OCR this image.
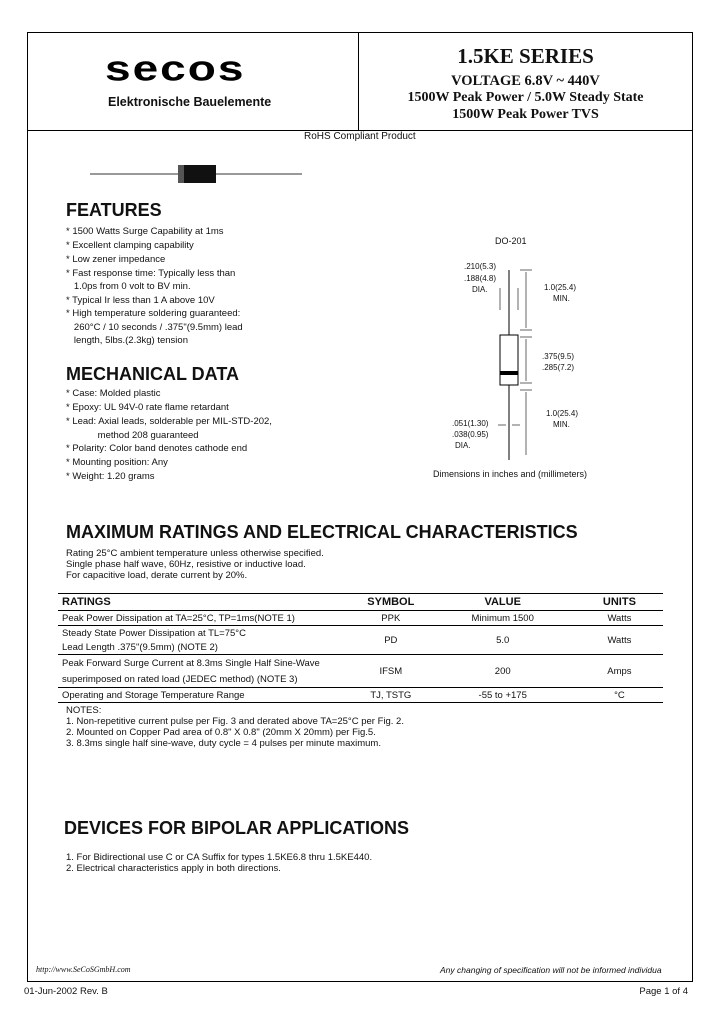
secos
Elektronische Bauelemente
1.5KE SERIES
VOLTAGE 6.8V ~ 440V
1500W Peak Power / 5.0W Steady State
1500W Peak Power TVS
RoHS Compliant Product
FEATURES
* 1500 Watts Surge Capability at 1ms
* Excellent clamping capability
* Low zener impedance
* Fast response time: Typically less than
1.0ps from 0 volt to BV min.
* Typical Ir less than 1 A above 10V
* High temperature soldering guaranteed:
260°C / 10 seconds / .375"(9.5mm) lead
length, 5lbs.(2.3kg) tension
MECHANICAL DATA
* Case: Molded plastic
* Epoxy: UL 94V-0 rate flame retardant
* Lead: Axial leads, solderable per MIL-STD-202,
method 208 guaranteed
* Polarity: Color band denotes cathode end
* Mounting position: Any
* Weight: 1.20 grams
DO-201
.210(5.3)
.188(4.8)
DIA.	1.0(25.4)
MIN.
.375(9.5)
.285(7.2)
.051(1.30)
.038(0.95)
DIA.
1.0(25.4)
MIN.
Dimensions in inches and (millimeters)
MAXIMUM RATINGS AND ELECTRICAL CHARACTERISTICS
Rating 25°C ambient temperature unless otherwise specified.
Single phase half wave, 60Hz, resistive or inductive load.
For capacitive load, derate current by 20%.
RATINGS	SYMBOL	VALUE	UNITS
Peak Power Dissipation at TA=25°C, TP=1ms(NOTE 1)	PPK	Minimum 1500	Watts

Steady State Power Dissipation at TL=75°C
Lead Length .375"(9.5mm) (NOTE 2)	PD	5.0	Watts

Peak Forward Surge Current at 8.3ms Single Half Sine-Wave
superimposed on rated load (JEDEC method) (NOTE 3)	IFSM	200	Amps
Operating and Storage Temperature Range	TJ, TSTG	-55 to +175	°C
NOTES:
1. Non-repetitive current pulse per Fig. 3 and derated above TA=25°C per Fig. 2.
2. Mounted on Copper Pad area of 0.8" X 0.8" (20mm X 20mm) per Fig.5.
3. 8.3ms single half sine-wave, duty cycle = 4 pulses per minute maximum.
DEVICES FOR BIPOLAR APPLICATIONS
1. For Bidirectional use C or CA Suffix for types 1.5KE6.8 thru 1.5KE440.
2. Electrical characteristics apply in both directions.
http://www.SeCoSGmbH.com	Any changing of specification will not be informed individua
01-Jun-2002 Rev. B	Page 1 of 4
